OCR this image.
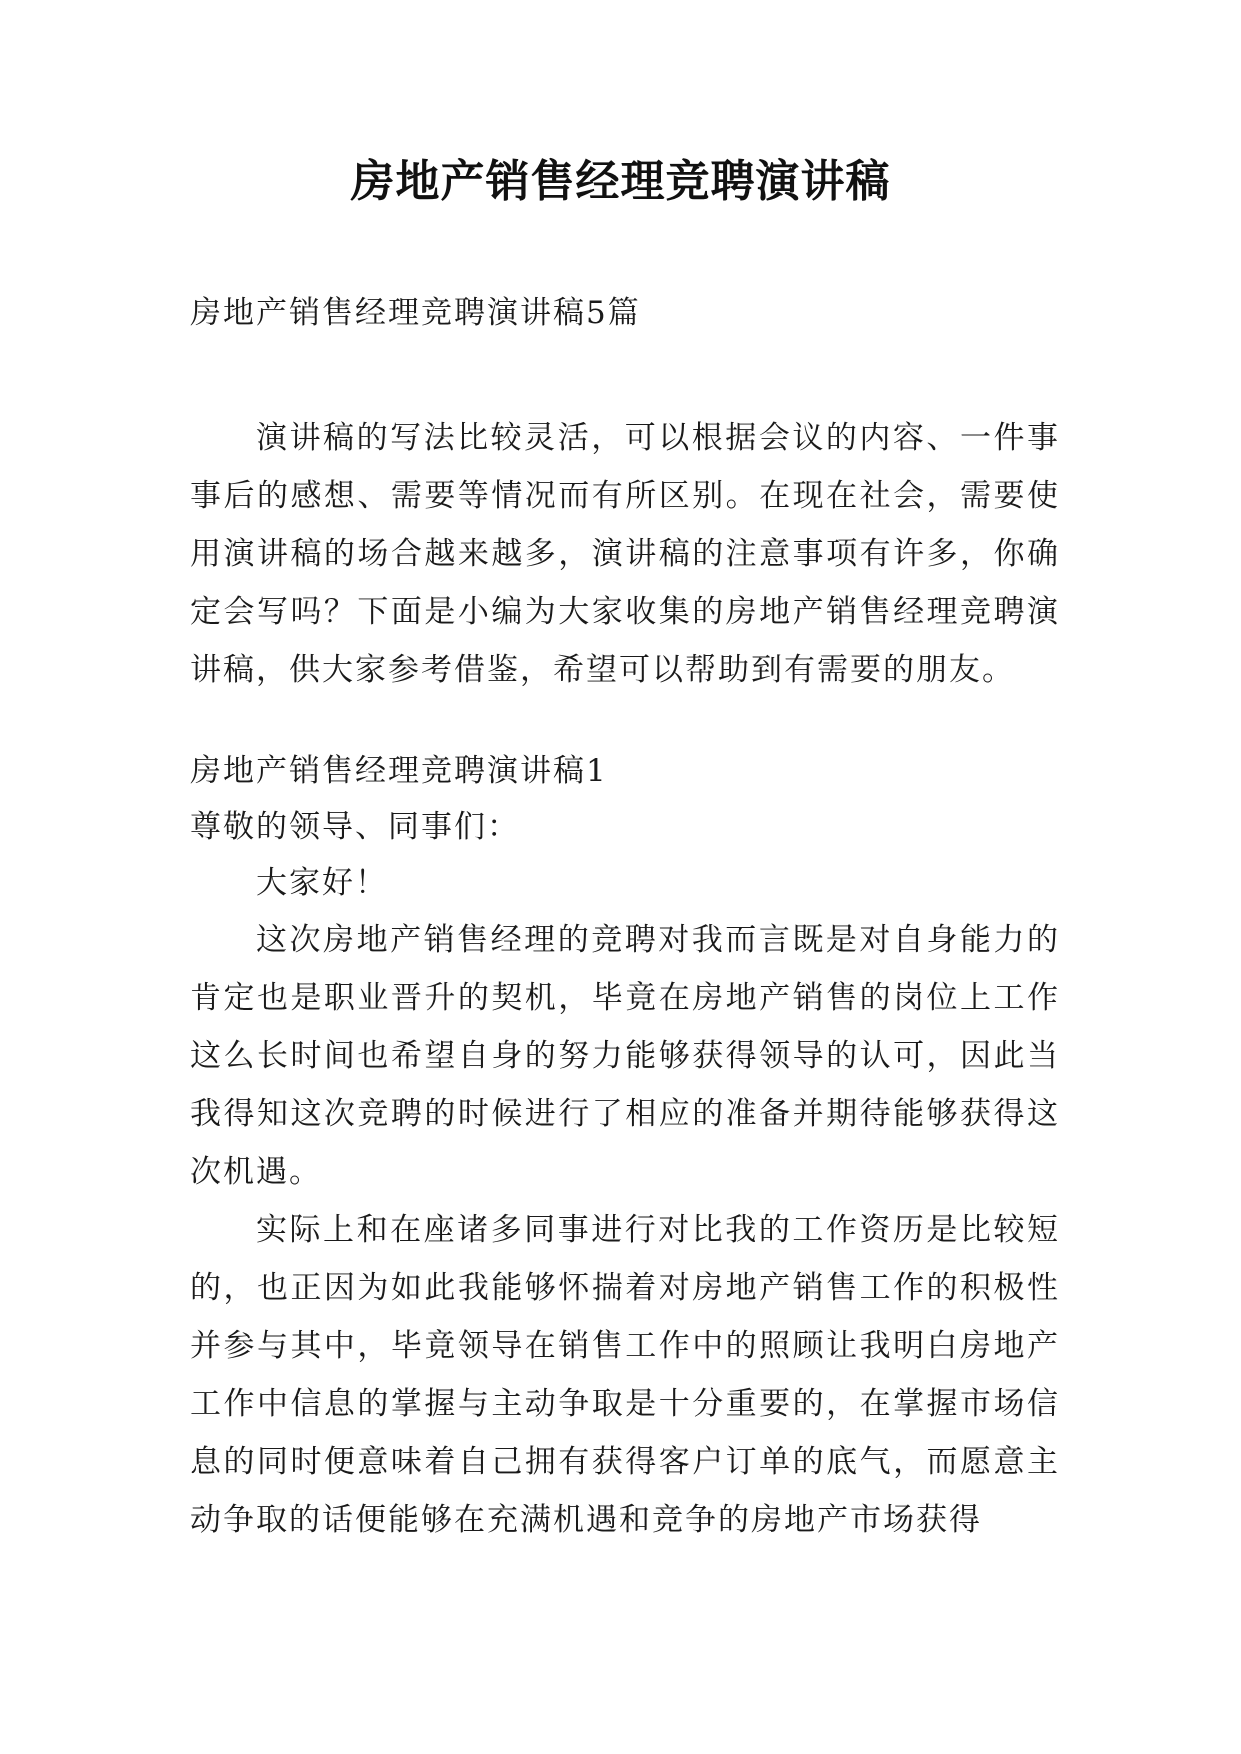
房地产销售经理竞聘演讲稿

房地产销售经理竞聘演讲稿5篇

演讲稿的写法比较灵活，可以根据会议的内容、一件事事后的感想、需要等情况而有所区别。在现在社会，需要使用演讲稿的场合越来越多，演讲稿的注意事项有许多，你确定会写吗？下面是小编为大家收集的房地产销售经理竞聘演讲稿，供大家参考借鉴，希望可以帮助到有需要的朋友。

房地产销售经理竞聘演讲稿1

尊敬的领导、同事们：

大家好！

这次房地产销售经理的竞聘对我而言既是对自身能力的肯定也是职业晋升的契机，毕竟在房地产销售的岗位上工作这么长时间也希望自身的努力能够获得领导的认可，因此当我得知这次竞聘的时候进行了相应的准备并期待能够获得这次机遇。

实际上和在座诸多同事进行对比我的工作资历是比较短的，也正因为如此我能够怀揣着对房地产销售工作的积极性并参与其中，毕竟领导在销售工作中的照顾让我明白房地产工作中信息的掌握与主动争取是十分重要的，在掌握市场信息的同时便意味着自己拥有获得客户订单的底气，而愿意主动争取的话便能够在充满机遇和竞争的房地产市场获得
